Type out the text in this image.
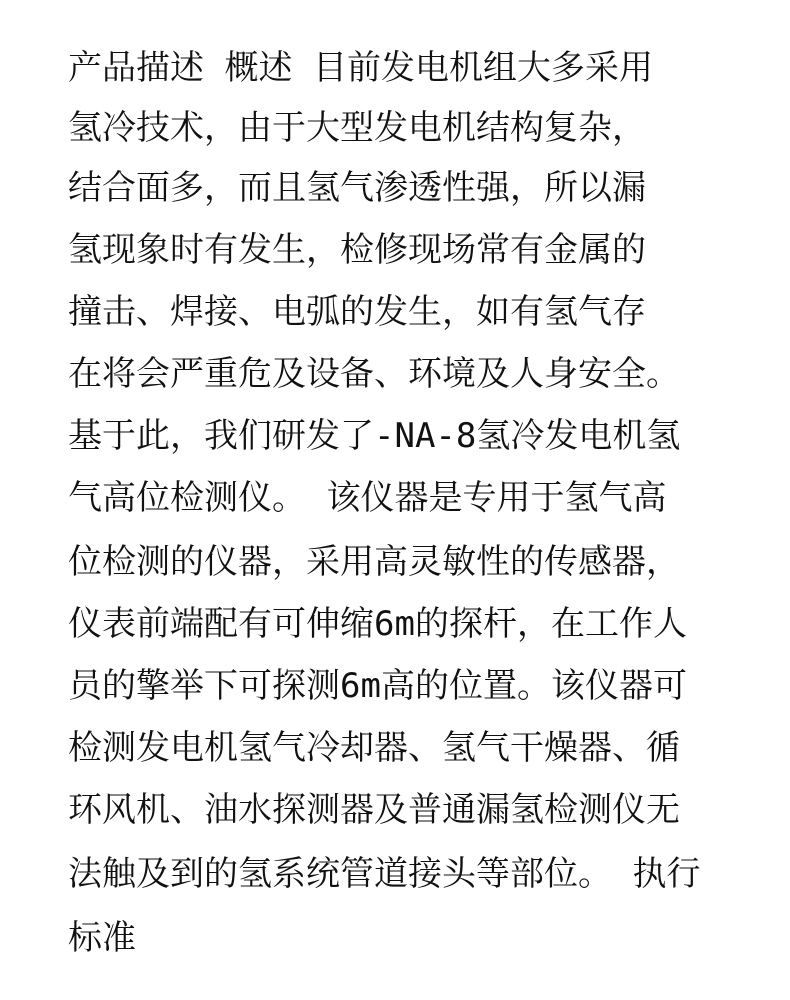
产品描述 概述 目前发电机组大多采用

氢冷技术，由于大型发电机结构复杂，

结合面多，而且氢气渗透性强，所以漏

氢现象时有发生，检修现场常有金属的

撞击、焊接、电弧的发生，如有氢气存

在将会严重危及设备、环境及人身安全。

基于此，我们研发了-NA-8氢冷发电机氢

气高位检测仪。 该仪器是专用于氢气高

位检测的仪器，采用高灵敏性的传感器，

仪表前端配有可伸缩6m的探杆，在工作人

员的擎举下可探测6m高的位置。该仪器可

检测发电机氢气冷却器、氢气干燥器、循

环风机、油水探测器及普通漏氢检测仪无

法触及到的氢系统管道接头等部位。 执行

标准
